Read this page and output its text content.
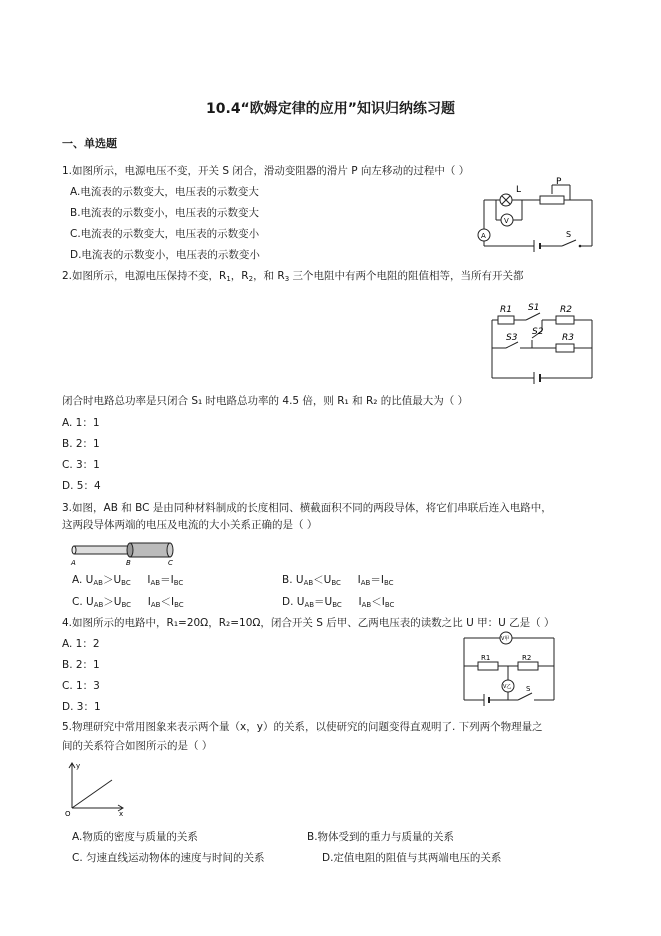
10.4“欧姆定律的应用”知识归纳练习题
一、单选题
1.如图所示，电源电压不变，开关 S 闭合，滑动变阻器的滑片 P 向左移动的过程中（ ）
A.电流表的示数变大，电压表的示数变大
B.电流表的示数变小，电压表的示数变大
C.电流表的示数变大，电压表的示数变小
D.电流表的示数变小，电压表的示数变小
L
P
V
A	S
2.如图所示，电源电压保持不变，$R_1$，$R_2$，和 $R_3$ 三个电阻中有两个电阻的阻值相等，当所有开关都
R1 S1 R2
S2
S3	R3
闭合时电路总功率是只闭合 S₁ 时电路总功率的 4.5 倍，则 R₁ 和 R₂ 的比值最大为（ ）
A. 1：1
B. 2：1
C. 3：1
D. 5：4
3.如图，AB 和 BC 是由同种材料制成的长度相同、横截面积不同的两段导体，将它们串联后连入电路中，
这两段导体两端的电压及电流的大小关系正确的是（ ）
A	B	C
A. $U_{AB}>U_{BC}$     $I_{AB}=I_{BC}$	B. $U_{AB}<U_{BC}$     $I_{AB}=I_{BC}$
C. $U_{AB}>U_{BC}$     $I_{AB}<I_{BC}$	D. $U_{AB}=U_{BC}$     $I_{AB}<I_{BC}$
4.如图所示的电路中，R₁=20Ω，R₂=10Ω，闭合开关 S 后甲、乙两电压表的读数之比 U 甲：U 乙是（ ）
A. 1：2
B. 2：1
C. 1：3
D. 3：1
V甲
R1	R2
V乙 S
5.物理研究中常用图象来表示两个量（x，y）的关系，以使研究的问题变得直观明了. 下列两个物理量之
间的关系符合如图所示的是（ ）
y
x
O
A.物质的密度与质量的关系	B.物体受到的重力与质量的关系
C. 匀速直线运动物体的速度与时间的关系	D.定值电阻的阻值与其两端电压的关系
